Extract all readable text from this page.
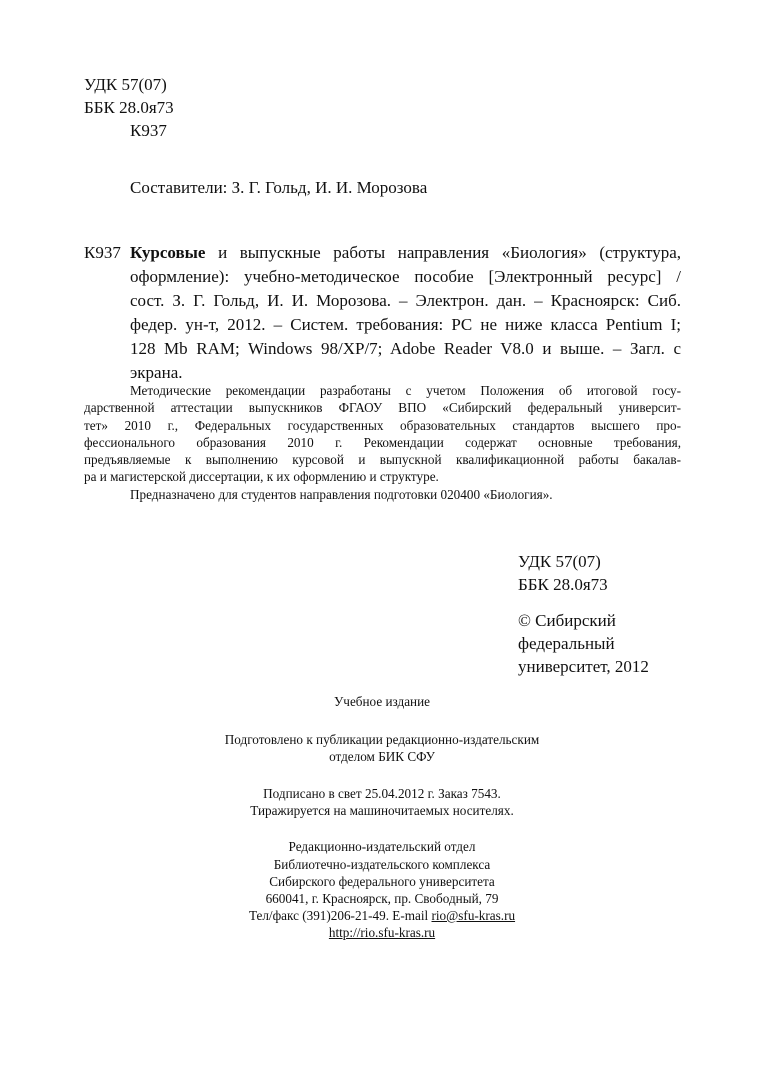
УДК 57(07)
ББК 28.0я73
К937
Составители: З. Г. Гольд, И. И. Морозова
К937 Курсовые и выпускные работы направления «Биология» (структура,
оформление): учебно-методическое пособие [Электронный ресурс] /
сост. З. Г. Гольд, И. И. Морозова. – Электрон. дан. – Красноярск: Сиб.
федер. ун-т, 2012. – Систем. требования: PC не ниже класса Pentium I;
128 Mb RAM; Windows 98/XP/7; Adobe Reader V8.0 и выше. – Загл. с
экрана.
Методические рекомендации разработаны с учетом Положения об итоговой госу-
дарственной аттестации выпускников ФГАОУ ВПО «Сибирский федеральный университ-
тет» 2010 г., Федеральных государственных образовательных стандартов высшего про-
фессионального образования 2010 г. Рекомендации содержат основные требования,
предъявляемые к выполнению курсовой и выпускной квалификационной работы бакалав-
ра и магистерской диссертации, к их оформлению и структуре.
Предназначено для студентов направления подготовки 020400 «Биология».
УДК 57(07)
ББК 28.0я73
© Сибирский
федеральный
университет, 2012
Учебное издание
Подготовлено к публикации редакционно-издательским
отделом БИК СФУ
Подписано в свет 25.04.2012 г. Заказ 7543.
Тиражируется на машиночитаемых носителях.
Редакционно-издательский отдел
Библиотечно-издательского комплекса
Сибирского федерального университета
660041, г. Красноярск, пр. Свободный, 79
Тел/факс (391)206-21-49. E-mail rio@sfu-kras.ru
http://rio.sfu-kras.ru
